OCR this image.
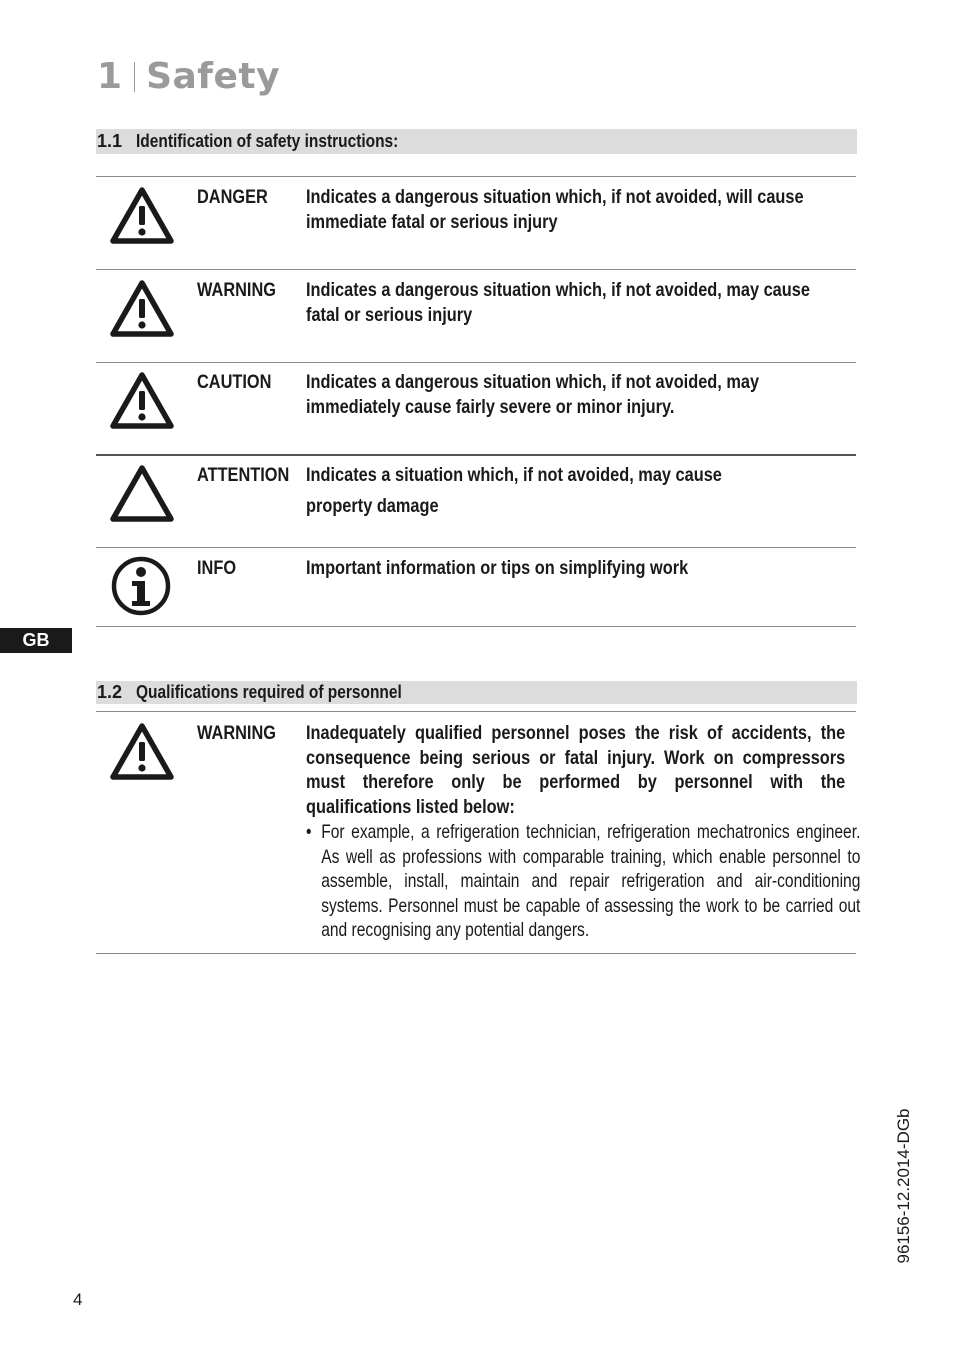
1 Safety
1.1 Identification of safety instructions:
DANGER Indicates a dangerous situation which, if not avoided, will cause
immediate fatal or serious injury
WARNING Indicates a dangerous situation which, if not avoided, may cause
fatal or serious injury
CAUTION Indicates a dangerous situation which, if not avoided, may
immediately cause fairly severe or minor injury.
ATTENTION Indicates a situation which, if not avoided, may cause
property damage
INFO	Important information or tips on simplifying work
GB
1.2 Qualifications required of personnel
WARNING Inadequately qualified personnel poses the risk of accidents, the consequence being serious or fatal injury. Work on compressors must therefore only be performed by personnel with the qualifications listed below:
• For example, a refrigeration technician, refrigeration mechatronics engineer. As well as professions with comparable training, which enable personnel to assemble, install, maintain and repair refrigeration and air-conditioning systems. Personnel must be capable of assessing the work to be carried out and recognising any potential dangers.
96156-12.2014-DGb
4
